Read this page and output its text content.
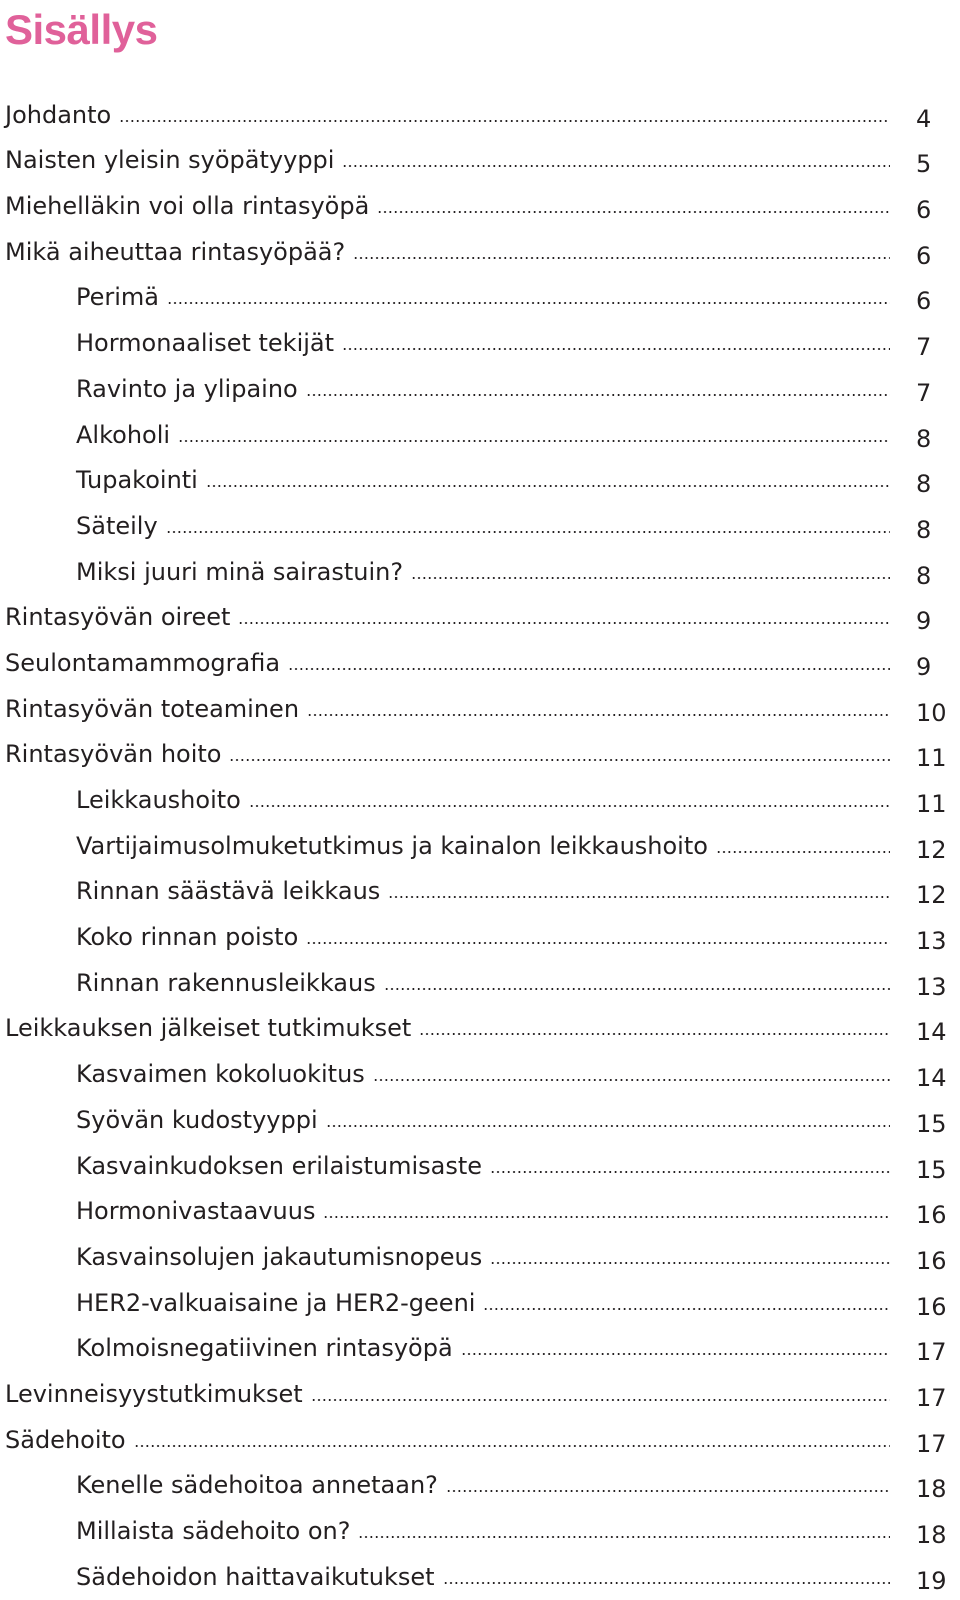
Sisällys
Johdanto	4
Naisten yleisin syöpätyyppi	5
Miehelläkin voi olla rintasyöpä	6
Mikä aiheuttaa rintasyöpää?	6
Perimä	6
Hormonaaliset tekijät	7
Ravinto ja ylipaino	7
Alkoholi	8
Tupakointi	8
Säteily	8
Miksi juuri minä sairastuin?	8
Rintasyövän oireet	9
Seulontamammografia	9
Rintasyövän toteaminen	10
Rintasyövän hoito	11
Leikkaushoito	11
Vartijaimusolmuketutkimus ja kainalon leikkaushoito	12
Rinnan säästävä leikkaus	12
Koko rinnan poisto	13
Rinnan rakennusleikkaus	13
Leikkauksen jälkeiset tutkimukset	14
Kasvaimen kokoluokitus	14
Syövän kudostyyppi	15
Kasvainkudoksen erilaistumisaste	15
Hormonivastaavuus	16
Kasvainsolujen jakautumisnopeus	16
HER2-valkuaisaine ja HER2-geeni	16
Kolmoisnegatiivinen rintasyöpä	17
Levinneisyystutkimukset	17
Sädehoito	17
Kenelle sädehoitoa annetaan?	18
Millaista sädehoito on?	18
Sädehoidon haittavaikutukset	19
